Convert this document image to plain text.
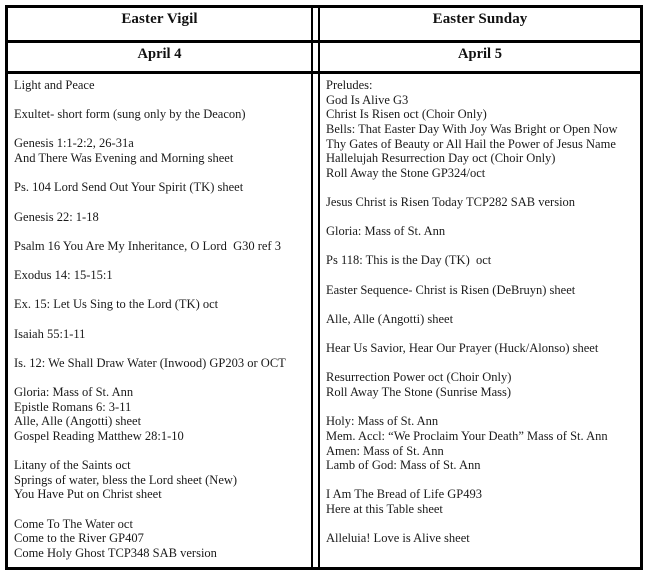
Easter Vigil	Easter Sunday
April 4	April 5
Light and Peace
Exultet- short form (sung only by the Deacon)
Genesis 1:1-2:2, 26-31a
And There Was Evening and Morning sheet
Ps. 104 Lord Send Out Your Spirit (TK) sheet
Genesis 22: 1-18
Psalm 16 You Are My Inheritance, O Lord  G30 ref 3
Exodus 14: 15-15:1
Ex. 15: Let Us Sing to the Lord (TK) oct
Isaiah 55:1-11
Is. 12: We Shall Draw Water (Inwood) GP203 or OCT
Gloria: Mass of St. Ann
Epistle Romans 6: 3-11
Alle, Alle (Angotti) sheet
Gospel Reading Matthew 28:1-10
Litany of the Saints oct
Springs of water, bless the Lord sheet (New)
You Have Put on Christ sheet
Come To The Water oct
Come to the River GP407
Come Holy Ghost TCP348 SAB version
Preludes:
God Is Alive G3
Christ Is Risen oct (Choir Only)
Bells: That Easter Day With Joy Was Bright or Open Now
Thy Gates of Beauty or All Hail the Power of Jesus Name
Hallelujah Resurrection Day oct (Choir Only)
Roll Away the Stone GP324/oct
Jesus Christ is Risen Today TCP282 SAB version
Gloria: Mass of St. Ann
Ps 118: This is the Day (TK)  oct
Easter Sequence- Christ is Risen (DeBruyn) sheet
Alle, Alle (Angotti) sheet
Hear Us Savior, Hear Our Prayer (Huck/Alonso) sheet
Resurrection Power oct (Choir Only)
Roll Away The Stone (Sunrise Mass)
Holy: Mass of St. Ann
Mem. Accl: “We Proclaim Your Death” Mass of St. Ann
Amen: Mass of St. Ann
Lamb of God: Mass of St. Ann
I Am The Bread of Life GP493
Here at this Table sheet
Alleluia! Love is Alive sheet
